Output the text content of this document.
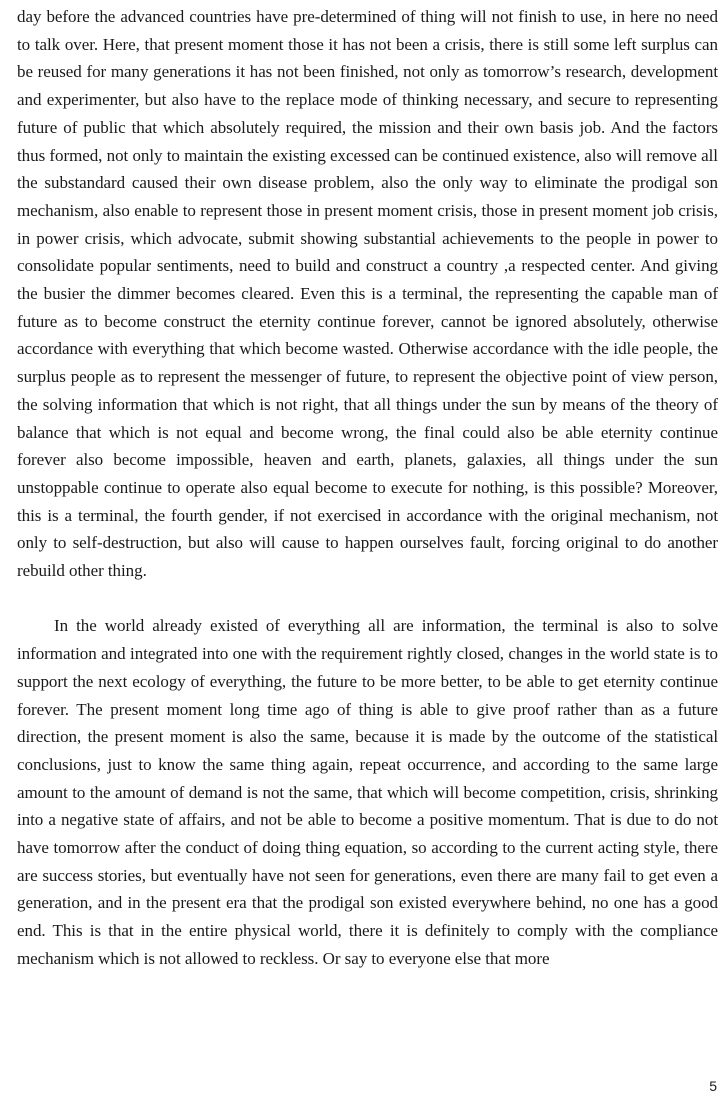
day before the advanced countries have pre-determined of thing will not finish to use, in here no need to talk over. Here, that present moment those it has not been a crisis, there is still some left surplus can be reused for many generations it has not been finished, not only as tomorrow’s research, development and experimenter, but also have to the replace mode of thinking necessary, and secure to representing future of public that which absolutely required, the mission and their own basis job. And the factors thus formed, not only to maintain the existing excessed can be continued existence, also will remove all the substandard caused their own disease problem, also the only way to eliminate the prodigal son mechanism, also enable to represent those in present moment crisis, those in present moment job crisis, in power crisis, which advocate, submit showing substantial achievements to the people in power to consolidate popular sentiments, need to build and construct a country ,a respected center. And giving the busier the dimmer becomes cleared. Even this is a terminal, the representing the capable man of future as to become construct the eternity continue forever, cannot be ignored absolutely, otherwise accordance with everything that which become wasted. Otherwise accordance with the idle people, the surplus people as to represent the messenger of future, to represent the objective point of view person, the solving information that which is not right, that all things under the sun by means of the theory of balance that which is not equal and become wrong, the final could also be able eternity continue forever also become impossible, heaven and earth, planets, galaxies, all things under the sun unstoppable continue to operate also equal become to execute for nothing, is this possible? Moreover, this is a terminal, the fourth gender, if not exercised in accordance with the original mechanism, not only to self-destruction, but also will cause to happen ourselves fault, forcing original to do another rebuild other thing.

In the world already existed of everything all are information, the terminal is also to solve information and integrated into one with the requirement rightly closed, changes in the world state is to support the next ecology of everything, the future to be more better, to be able to get eternity continue forever. The present moment long time ago of thing is able to give proof rather than as a future direction, the present moment is also the same, because it is made by the outcome of the statistical conclusions, just to know the same thing again, repeat occurrence, and according to the same large amount to the amount of demand is not the same, that which will become competition, crisis, shrinking into a negative state of affairs, and not be able to become a positive momentum. That is due to do not have tomorrow after the conduct of doing thing equation, so according to the current acting style, there are success stories, but eventually have not seen for generations, even there are many fail to get even a generation, and in the present era that the prodigal son existed everywhere behind, no one has a good end. This is that in the entire physical world, there it is definitely to comply with the compliance mechanism which is not allowed to reckless. Or say to everyone else that more

5
